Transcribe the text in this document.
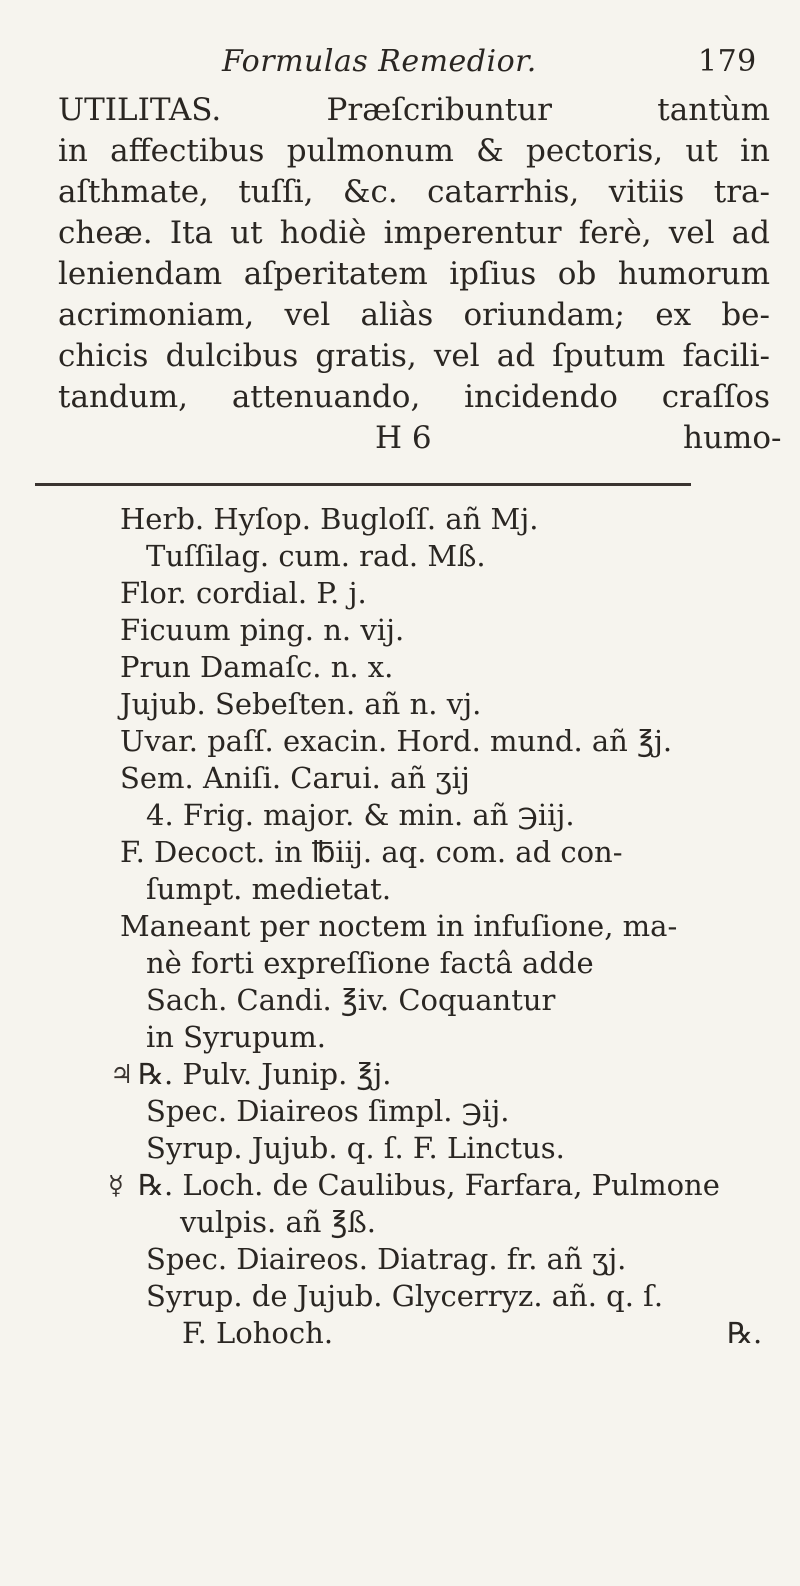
Formulas Remedior.	179
UTILITAS. Præſcribuntur tantùm
in affectibus pulmonum & pectoris, ut in
aſthmate, tuſſi, &c. catarrhis, vitiis tra-
cheæ. Ita ut hodiè imperentur ferè, vel ad
leniendam aſperitatem ipſius ob humorum
acrimoniam, vel aliàs oriundam; ex be-
chicis dulcibus gratis, vel ad ſputum facili-
tandum, attenuando, incidendo craſſos
H 6	humo-
Herb. Hyſop. Bugloſſ. añ Mj.
Tuſſilag. cum. rad. Mß.
Flor. cordial. P. j.
Ficuum ping. n. vij.
Prun Damaſc. n. x.
Jujub. Sebeſten. añ n. vj.
Uvar. paſſ. exacin. Hord. mund. añ ℥j.
Sem. Aniſi. Carui. añ ʒij
4. Frig. major. & min. añ ℈iij.
F. Decoct. in ℔iij. aq. com. ad con-
ſumpt. medietat.
Maneant per noctem in infuſione, ma-
nè forti expreſſione factâ adde
Sach. Candi. ℥iv. Coquantur
in Syrupum.
♃ ℞. Pulv. Junip. ℥j.
Spec. Diaireos ſimpl. ℈ij.
Syrup. Jujub. q. ſ. F. Linctus.
☿ ℞. Loch. de Caulibus, Farfara, Pulmone
vulpis. añ ℥ß.
Spec. Diaireos. Diatrag. fr. añ ʒj.
Syrup. de Jujub. Glycerryz. añ. q. ſ.
F. Lohoch.	℞.
